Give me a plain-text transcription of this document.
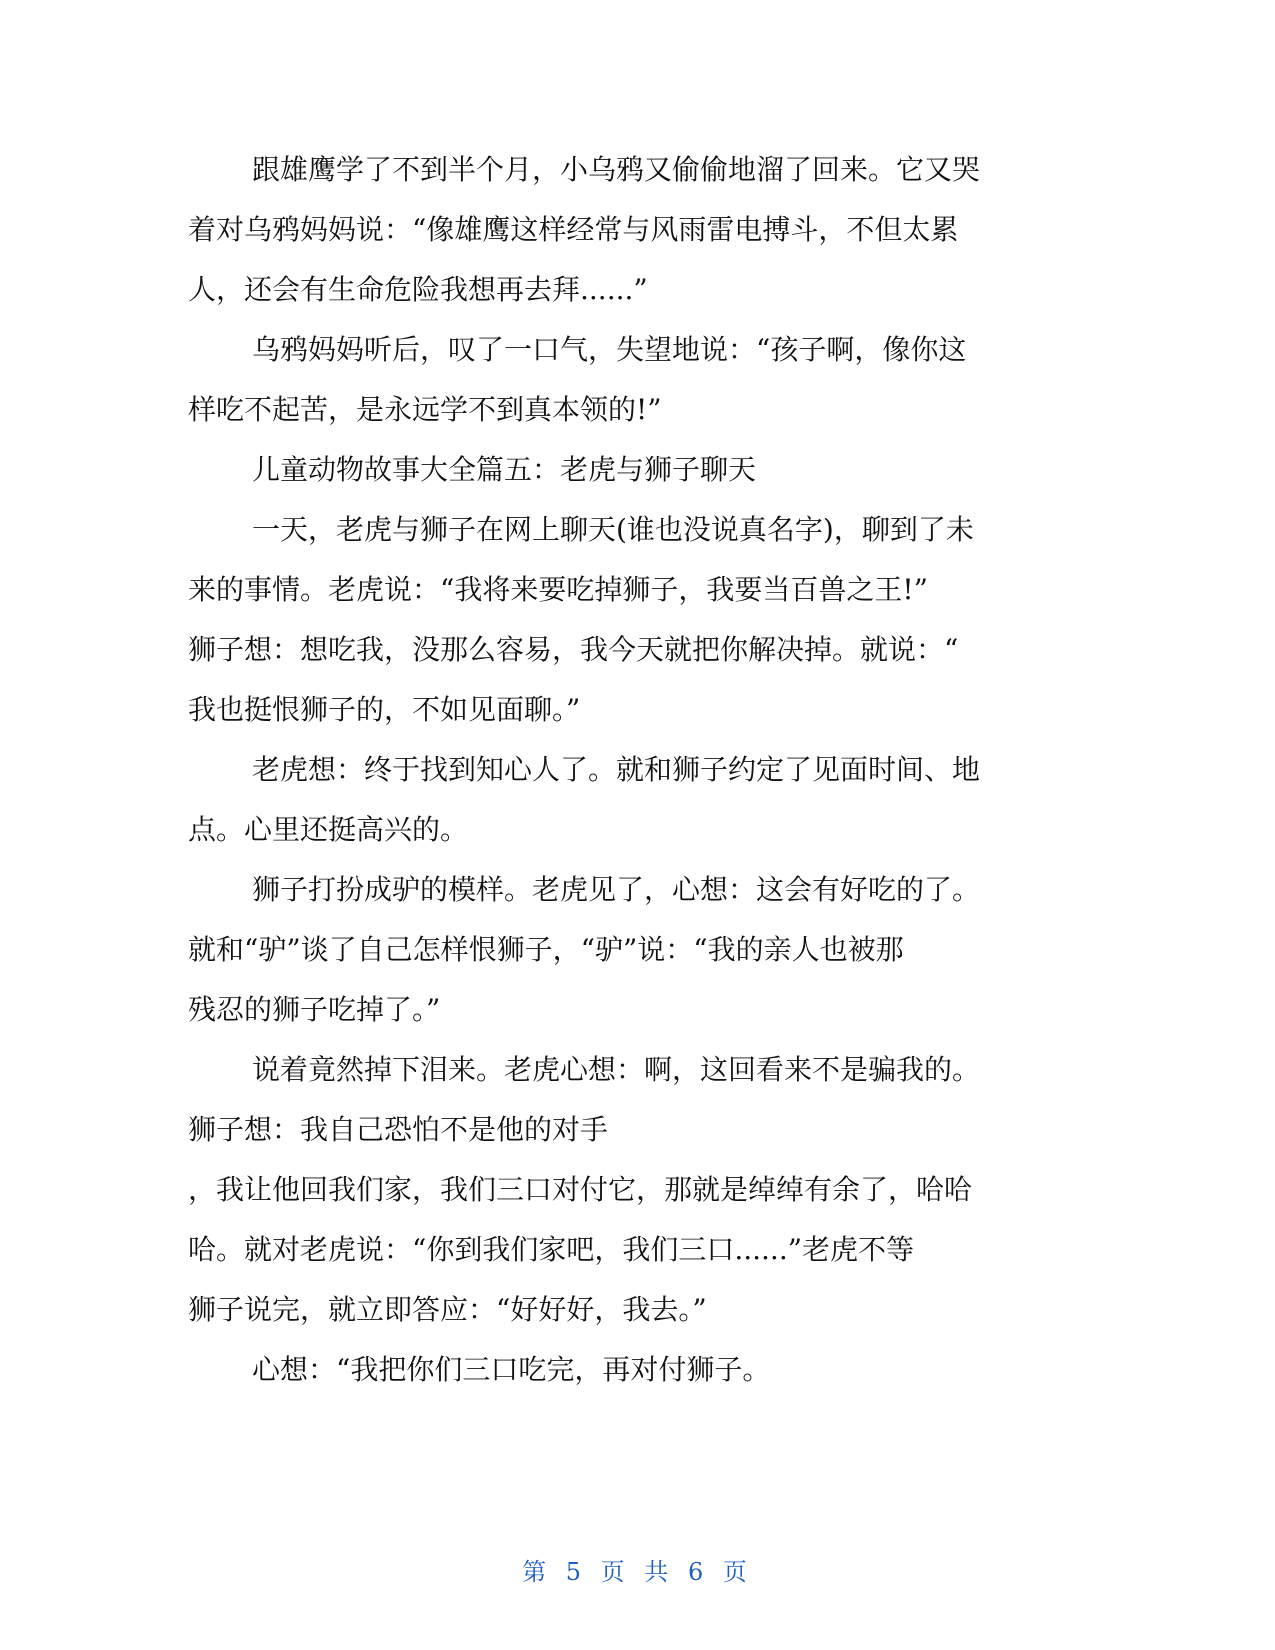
跟雄鹰学了不到半个月，小乌鸦又偷偷地溜了回来。它又哭
着对乌鸦妈妈说：“像雄鹰这样经常与风雨雷电搏斗，不但太累
人，还会有生命危险我想再去拜......”
乌鸦妈妈听后，叹了一口气，失望地说：“孩子啊，像你这
样吃不起苦，是永远学不到真本领的!”
儿童动物故事大全篇五：老虎与狮子聊天
一天，老虎与狮子在网上聊天(谁也没说真名字)，聊到了未
来的事情。老虎说：“我将来要吃掉狮子，我要当百兽之王!”
狮子想：想吃我，没那么容易，我今天就把你解决掉。就说：“
我也挺恨狮子的，不如见面聊。”
老虎想：终于找到知心人了。就和狮子约定了见面时间、地
点。心里还挺高兴的。
狮子打扮成驴的模样。老虎见了，心想：这会有好吃的了。
就和“驴”谈了自己怎样恨狮子，“驴”说：“我的亲人也被那
残忍的狮子吃掉了。”
说着竟然掉下泪来。老虎心想：啊，这回看来不是骗我的。
狮子想：我自己恐怕不是他的对手
，我让他回我们家，我们三口对付它，那就是绰绰有余了，哈哈
哈。就对老虎说：“你到我们家吧，我们三口......”老虎不等
狮子说完，就立即答应：“好好好，我去。”
心想：“我把你们三口吃完，再对付狮子。
第 5 页 共 6 页
